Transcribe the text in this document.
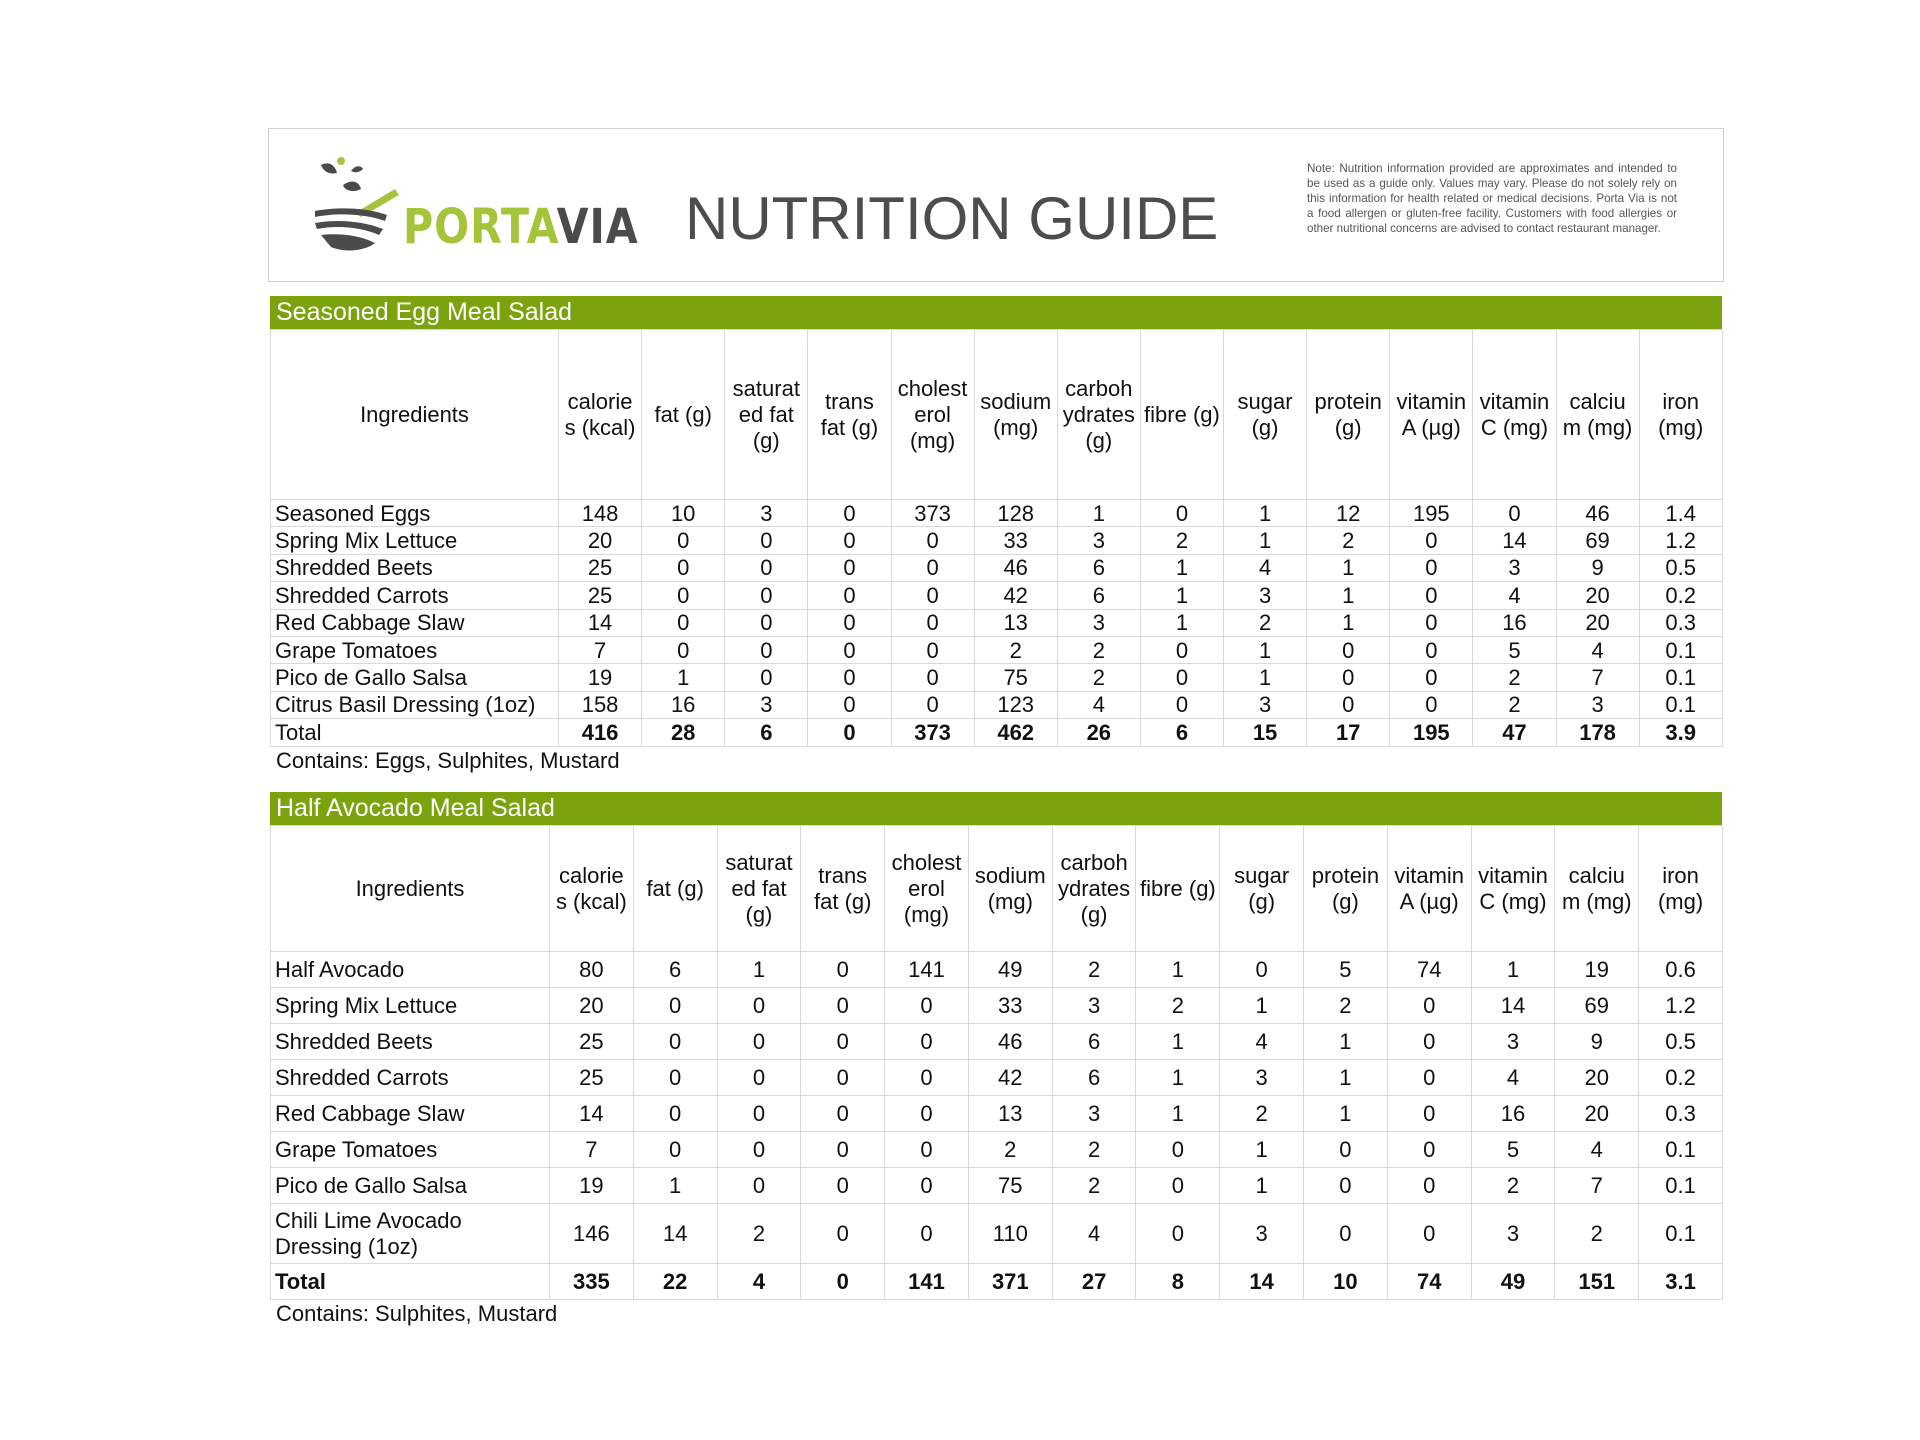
PORTAVIA NUTRITION GUIDE
Note: Nutrition information provided are approximates and intended to be used as a guide only. Values may vary. Please do not solely rely on this information for health related or medical decisions. Porta Via is not a food allergen or gluten-free facility. Customers with food allergies or other nutritional concerns are advised to contact restaurant manager.
Seasoned Egg Meal Salad
Ingredients	calorie s (kcal)	fat (g)	saturat ed fat (g)	trans fat (g)	cholest erol (mg)	sodium (mg)	carboh ydrates (g)	fibre (g)	sugar (g)	protein (g)	vitamin A (µg)	vitamin C (mg)	calciu m (mg)	iron (mg)
Seasoned Eggs	148	10	3	0	373	128	1	0	1	12	195	0	46	1.4
Spring Mix Lettuce	20	0	0	0	0	33	3	2	1	2	0	14	69	1.2
Shredded Beets	25	0	0	0	0	46	6	1	4	1	0	3	9	0.5
Shredded Carrots	25	0	0	0	0	42	6	1	3	1	0	4	20	0.2
Red Cabbage Slaw	14	0	0	0	0	13	3	1	2	1	0	16	20	0.3
Grape Tomatoes	7	0	0	0	0	2	2	0	1	0	0	5	4	0.1
Pico de Gallo Salsa	19	1	0	0	0	75	2	0	1	0	0	2	7	0.1
Citrus Basil Dressing (1oz)	158	16	3	0	0	123	4	0	3	0	0	2	3	0.1
Total	416	28	6	0	373	462	26	6	15	17	195	47	178	3.9
Contains: Eggs, Sulphites, Mustard
Half Avocado Meal Salad
Ingredients	calorie s (kcal)	fat (g)	saturat ed fat (g)	trans fat (g)	cholest erol (mg)	sodium (mg)	carboh ydrates (g)	fibre (g)	sugar (g)	protein (g)	vitamin A (µg)	vitamin C (mg)	calciu m (mg)	iron (mg)
Half Avocado	80	6	1	0	141	49	2	1	0	5	74	1	19	0.6
Spring Mix Lettuce	20	0	0	0	0	33	3	2	1	2	0	14	69	1.2
Shredded Beets	25	0	0	0	0	46	6	1	4	1	0	3	9	0.5
Shredded Carrots	25	0	0	0	0	42	6	1	3	1	0	4	20	0.2
Red Cabbage Slaw	14	0	0	0	0	13	3	1	2	1	0	16	20	0.3
Grape Tomatoes	7	0	0	0	0	2	2	0	1	0	0	5	4	0.1
Pico de Gallo Salsa	19	1	0	0	0	75	2	0	1	0	0	2	7	0.1
Chili Lime Avocado Dressing (1oz)	146	14	2	0	0	110	4	0	3	0	0	3	2	0.1
Total	335	22	4	0	141	371	27	8	14	10	74	49	151	3.1
Contains: Sulphites, Mustard
